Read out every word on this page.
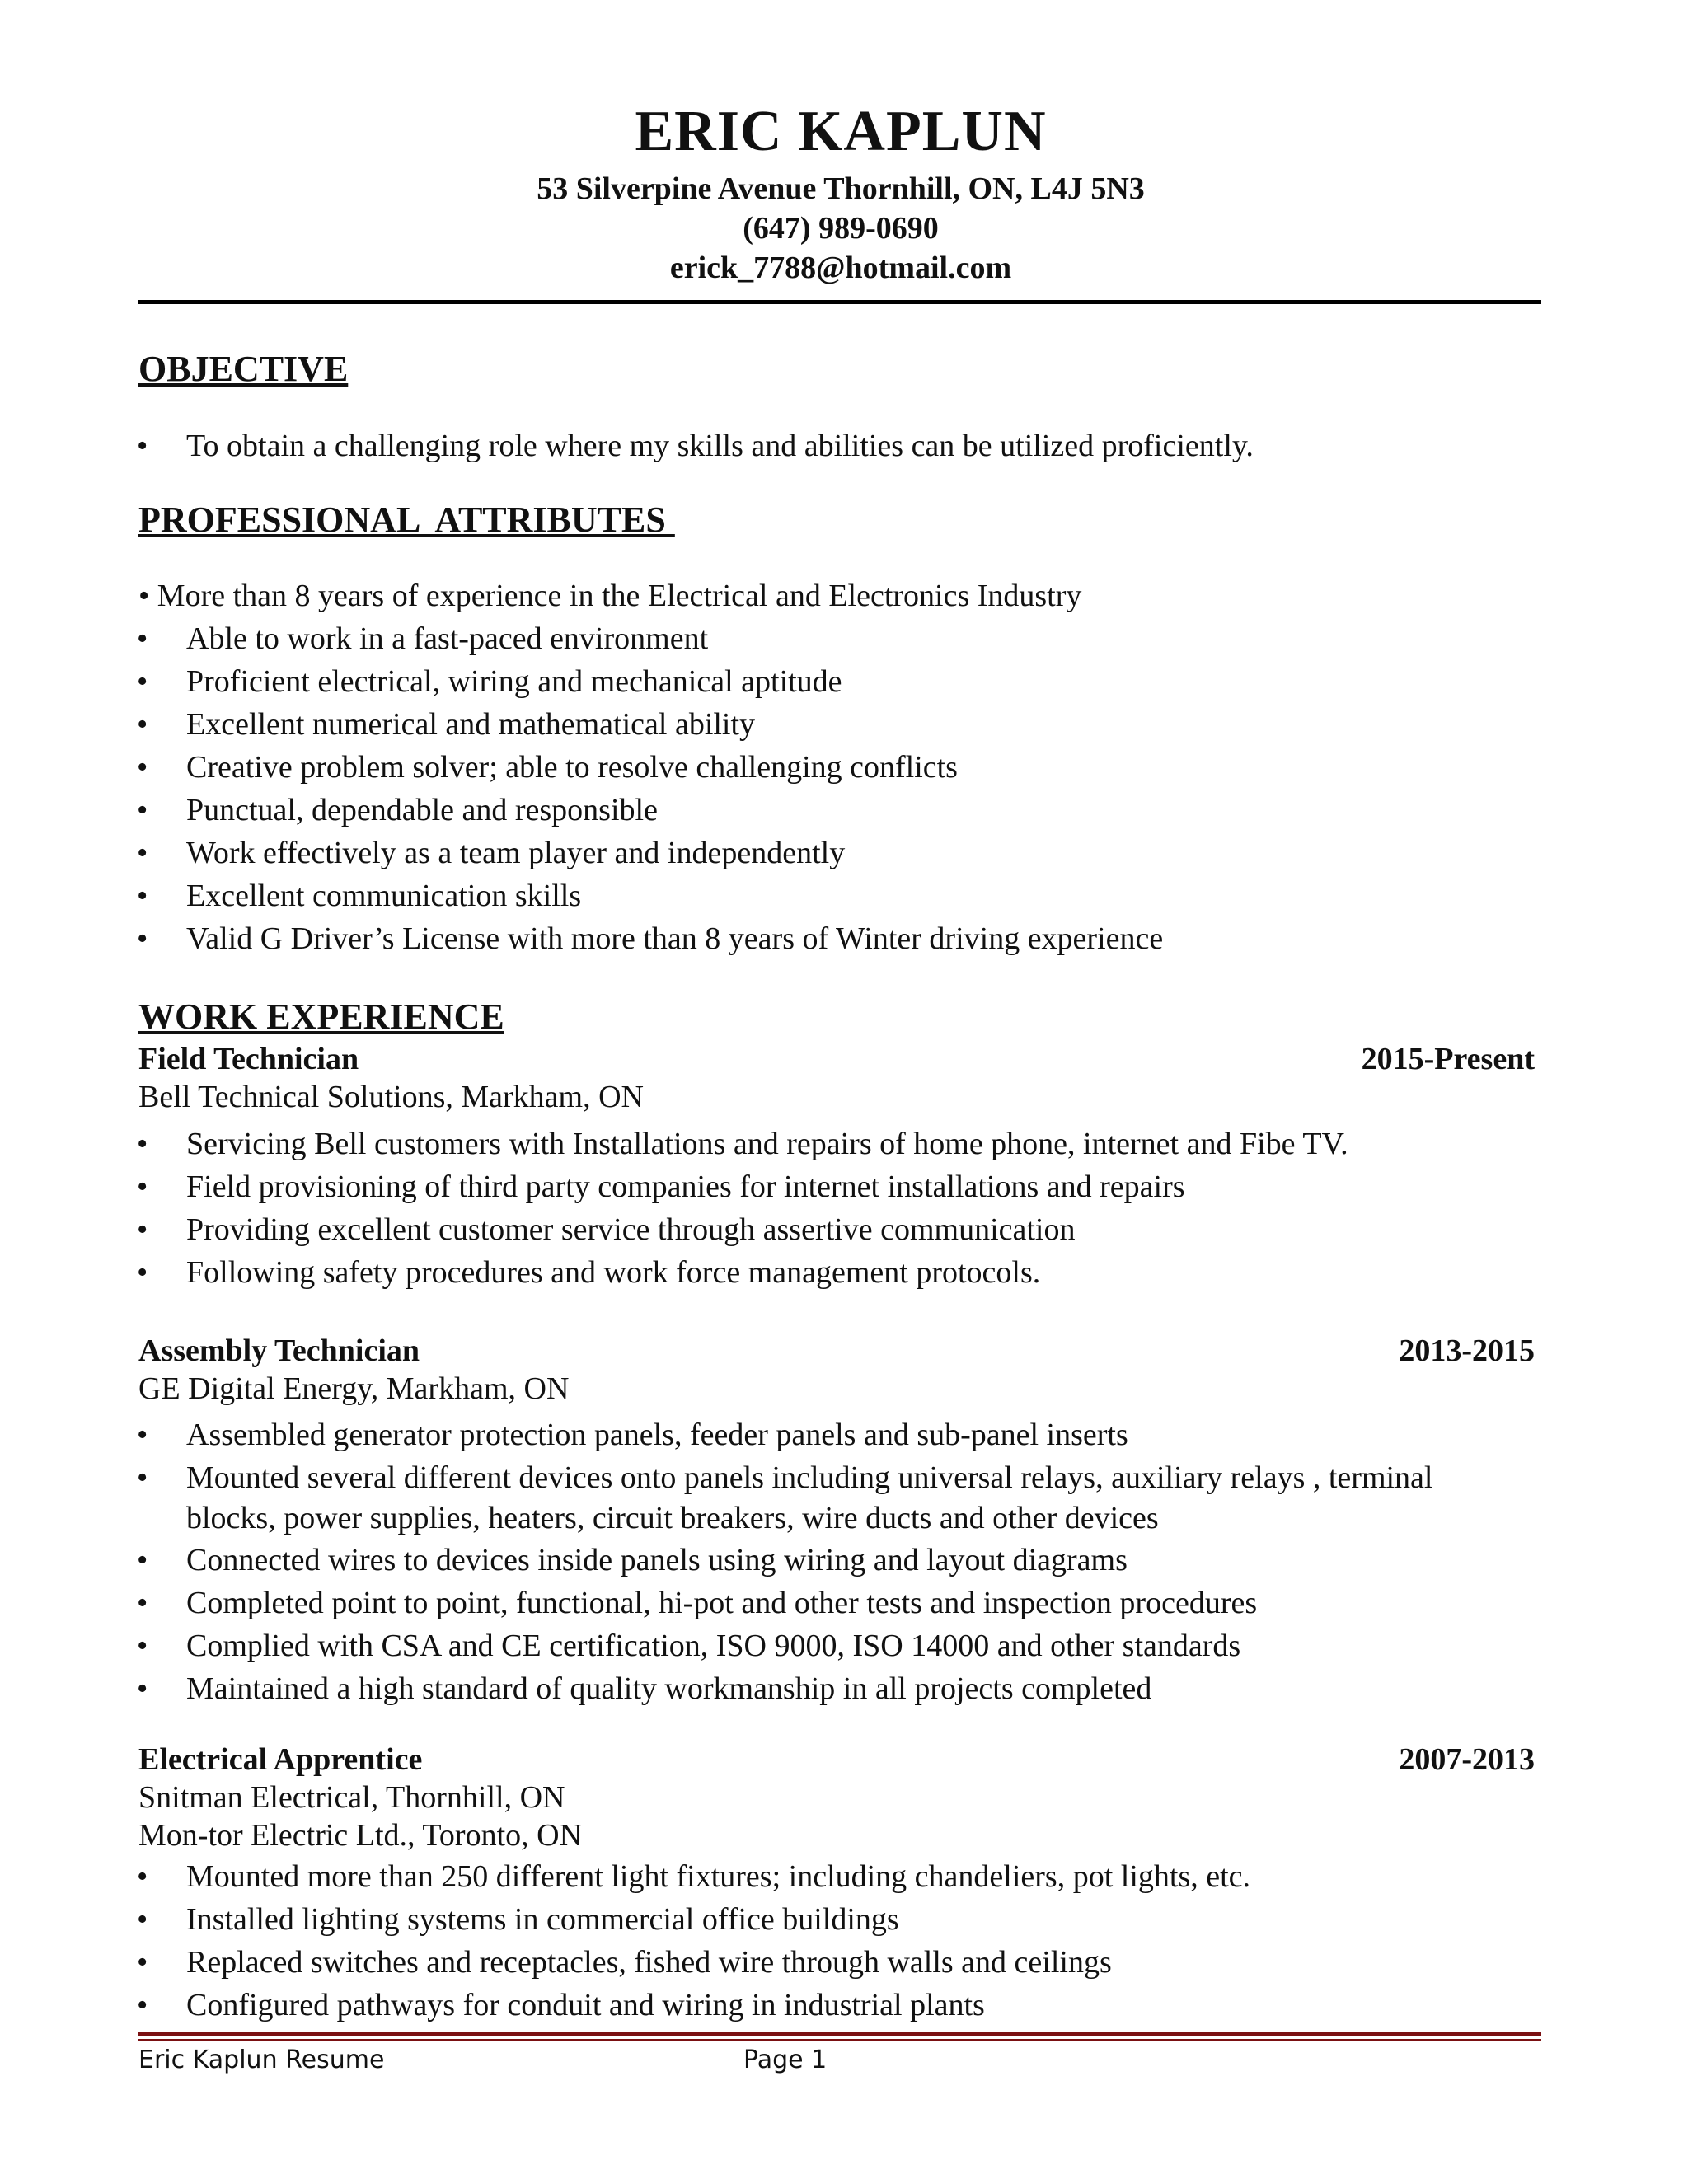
ERIC KAPLUN
53 Silverpine Avenue Thornhill, ON, L4J 5N3
(647) 989-0690
erick_7788@hotmail.com
OBJECTIVE
• To obtain a challenging role where my skills and abilities can be utilized proficiently.
PROFESSIONAL  ATTRIBUTES
• More than 8 years of experience in the Electrical and Electronics Industry
• Able to work in a fast-paced environment
• Proficient electrical, wiring and mechanical aptitude
• Excellent numerical and mathematical ability
• Creative problem solver; able to resolve challenging conflicts
• Punctual, dependable and responsible
• Work effectively as a team player and independently
• Excellent communication skills
• Valid G Driver’s License with more than 8 years of Winter driving experience
WORK EXPERIENCE
Field Technician	2015-Present
Bell Technical Solutions, Markham, ON
• Servicing Bell customers with Installations and repairs of home phone, internet and Fibe TV.
• Field provisioning of third party companies for internet installations and repairs
• Providing excellent customer service through assertive communication
• Following safety procedures and work force management protocols.
Assembly Technician	2013-2015
GE Digital Energy, Markham, ON
• Assembled generator protection panels, feeder panels and sub-panel inserts
• Mounted several different devices onto panels including universal relays, auxiliary relays , terminal
blocks, power supplies, heaters, circuit breakers, wire ducts and other devices
• Connected wires to devices inside panels using wiring and layout diagrams
• Completed point to point, functional, hi-pot and other tests and inspection procedures
• Complied with CSA and CE certification, ISO 9000, ISO 14000 and other standards
• Maintained a high standard of quality workmanship in all projects completed
Electrical Apprentice	2007-2013
Snitman Electrical, Thornhill, ON
Mon-tor Electric Ltd., Toronto, ON
• Mounted more than 250 different light fixtures; including chandeliers, pot lights, etc.
• Installed lighting systems in commercial office buildings
• Replaced switches and receptacles, fished wire through walls and ceilings
• Configured pathways for conduit and wiring in industrial plants
Eric Kaplun Resume	Page 1
